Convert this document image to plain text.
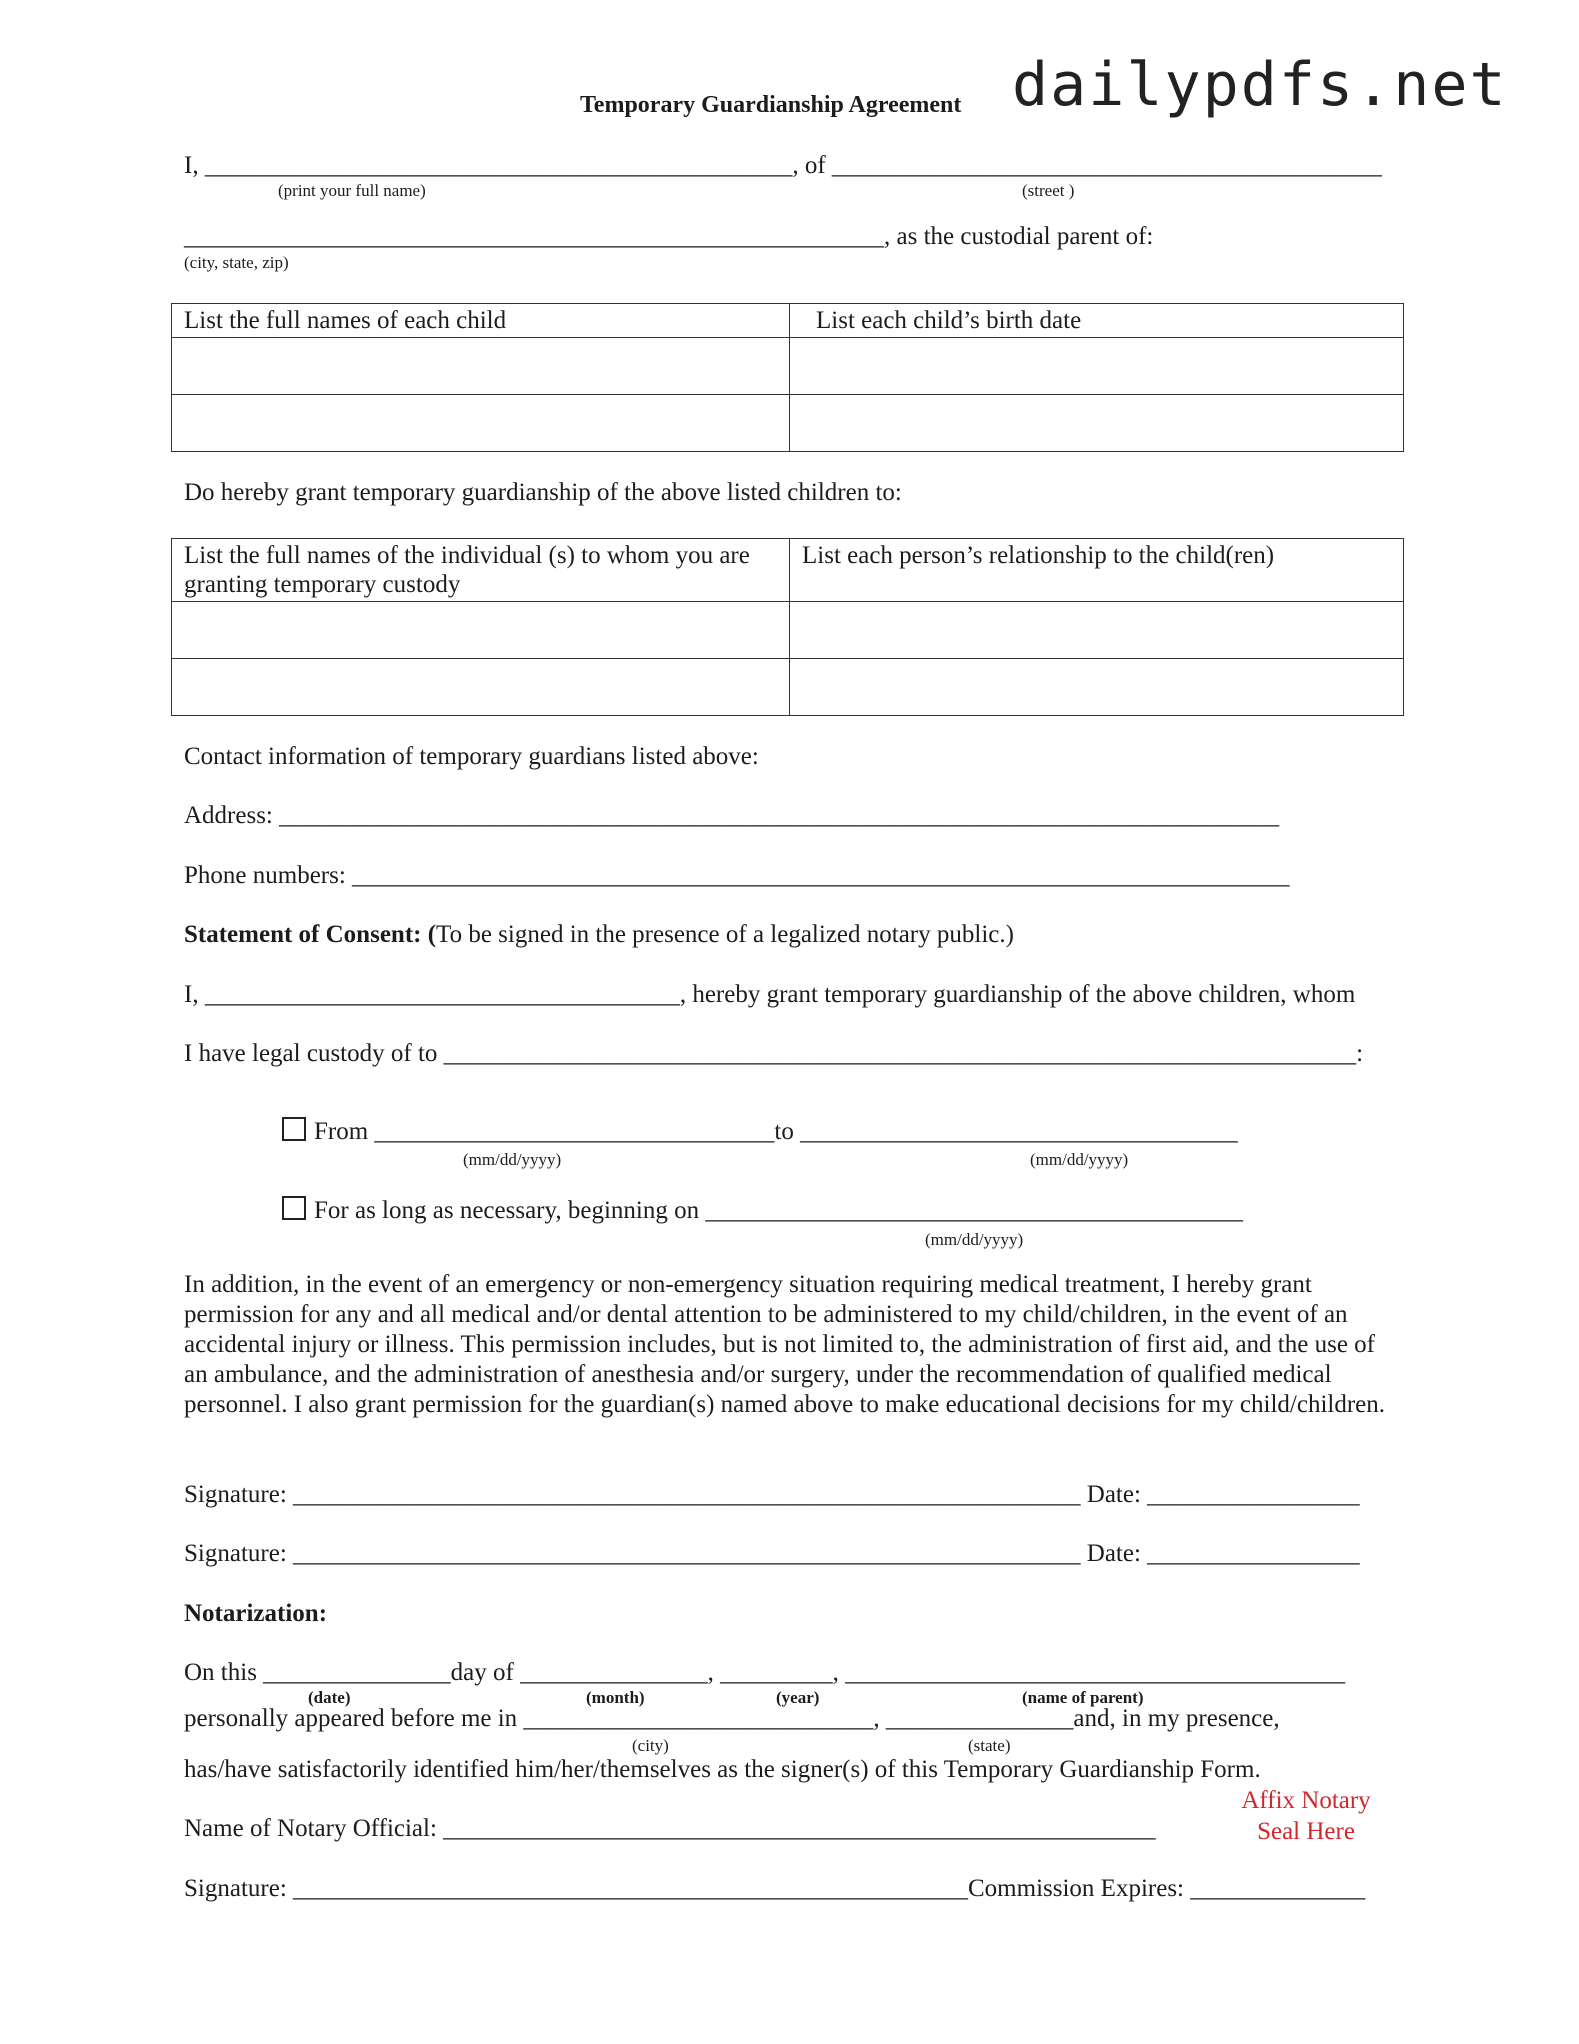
dailypdfs.net
Temporary Guardianship Agreement
I, _______________________________________________, of ____________________________________________
(print your full name)	(street )
________________________________________________________, as the custodial parent of:
(city, state, zip)
List the full names of each child	List each child’s birth date

Do hereby grant temporary guardianship of the above listed children to:
List the full names of the individual (s) to whom you are granting temporary custody	List each person’s relationship to the child(ren)

Contact information of temporary guardians listed above:
Address: ________________________________________________________________________________
Phone numbers: ___________________________________________________________________________
Statement of Consent: (To be signed in the presence of a legalized notary public.)
I, ______________________________________, hereby grant temporary guardianship of the above children, whom
I have legal custody of to _________________________________________________________________________:
From ________________________________to ___________________________________
(mm/dd/yyyy)	(mm/dd/yyyy)
For as long as necessary, beginning on ___________________________________________
(mm/dd/yyyy)
In addition, in the event of an emergency or non-emergency situation requiring medical treatment, I hereby grant permission for any and all medical and/or dental attention to be administered to my child/children, in the event of an accidental injury or illness. This permission includes, but is not limited to, the administration of first aid, and the use of an ambulance, and the administration of anesthesia and/or surgery, under the recommendation of qualified medical personnel. I also grant permission for the guardian(s) named above to make educational decisions for my child/children.
Signature: _______________________________________________________________ Date: _________________
Signature: _______________________________________________________________ Date: _________________
Notarization:
On this _______________day of _______________, _________, ________________________________________
(date)	(month)	(year)	(name of parent)
personally appeared before me in ____________________________, _______________and, in my presence,
(city)	(state)
has/have satisfactorily identified him/her/themselves as the signer(s) of this Temporary Guardianship Form.
Affix Notary Seal Here
Name of Notary Official: _________________________________________________________
Signature: ______________________________________________________Commission Expires: ______________
